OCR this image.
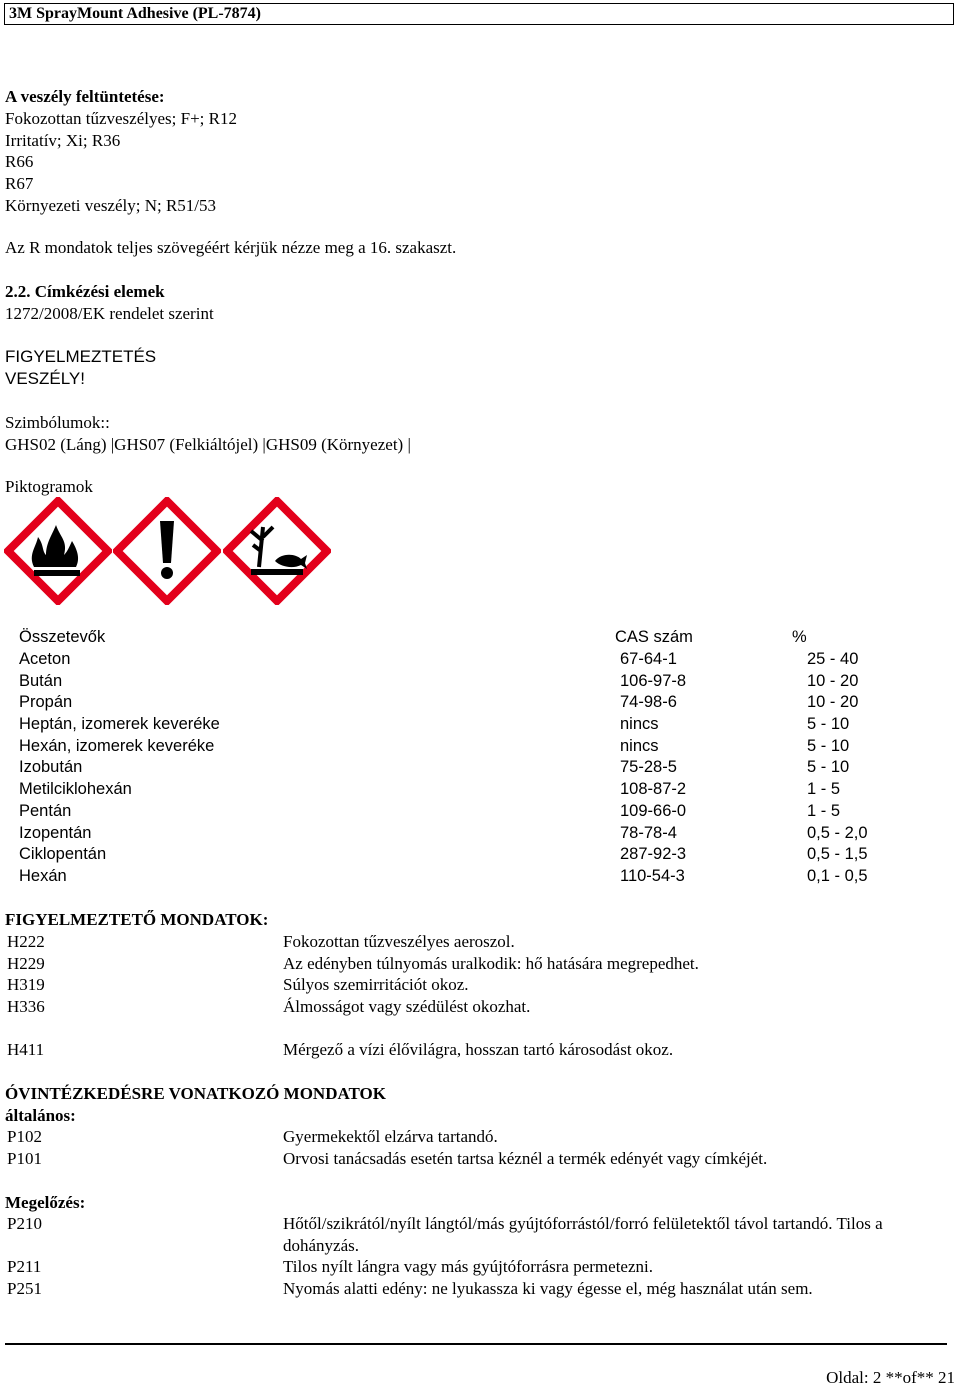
3M SprayMount Adhesive (PL-7874)
A veszély feltüntetése:
Fokozottan tűzveszélyes; F+; R12
Irritatív; Xi; R36
R66
R67
Környezeti veszély; N; R51/53
Az R mondatok teljes szövegéért kérjük nézze meg a 16. szakaszt.
2.2. Címkézési elemek
1272/2008/EK rendelet szerint
FIGYELMEZTETÉS
VESZÉLY!
Szimbólumok::
GHS02 (Láng) |GHS07 (Felkiáltójel) |GHS09 (Környezet) |
Piktogramok
Összetevők	CAS szám	%
Aceton	67-64-1	25 - 40
Bután	106-97-8	10 - 20
Propán	74-98-6	10 - 20
Heptán, izomerek keveréke	nincs	5 - 10
Hexán, izomerek keveréke	nincs	5 - 10
Izobután	75-28-5	5 - 10
Metilciklohexán	108-87-2	1 - 5
Pentán	109-66-0	1 - 5
Izopentán	78-78-4	0,5 - 2,0
Ciklopentán	287-92-3	0,5 - 1,5
Hexán	110-54-3	0,1 - 0,5
FIGYELMEZTETŐ MONDATOK:
H222	Fokozottan tűzveszélyes aeroszol.
H229	Az edényben túlnyomás uralkodik: hő hatására megrepedhet.
H319	Súlyos szemirritációt okoz.
H336	Álmosságot vagy szédülést okozhat.
H411	Mérgező a vízi élővilágra, hosszan tartó károsodást okoz.
ÓVINTÉZKEDÉSRE VONATKOZÓ MONDATOK
általános:
P102	Gyermekektől elzárva tartandó.
P101	Orvosi tanácsadás esetén tartsa kéznél a termék edényét vagy címkéjét.
Megelőzés:
P210	Hőtől/szikrától/nyílt lángtól/más gyújtóforrástól/forró felületektől távol tartandó. Tilos a
dohányzás.
P211	Tilos nyílt lángra vagy más gyújtóforrásra permetezni.
P251	Nyomás alatti edény: ne lyukassza ki vagy égesse el, még használat után sem.
Oldal: 2 **of** 21
